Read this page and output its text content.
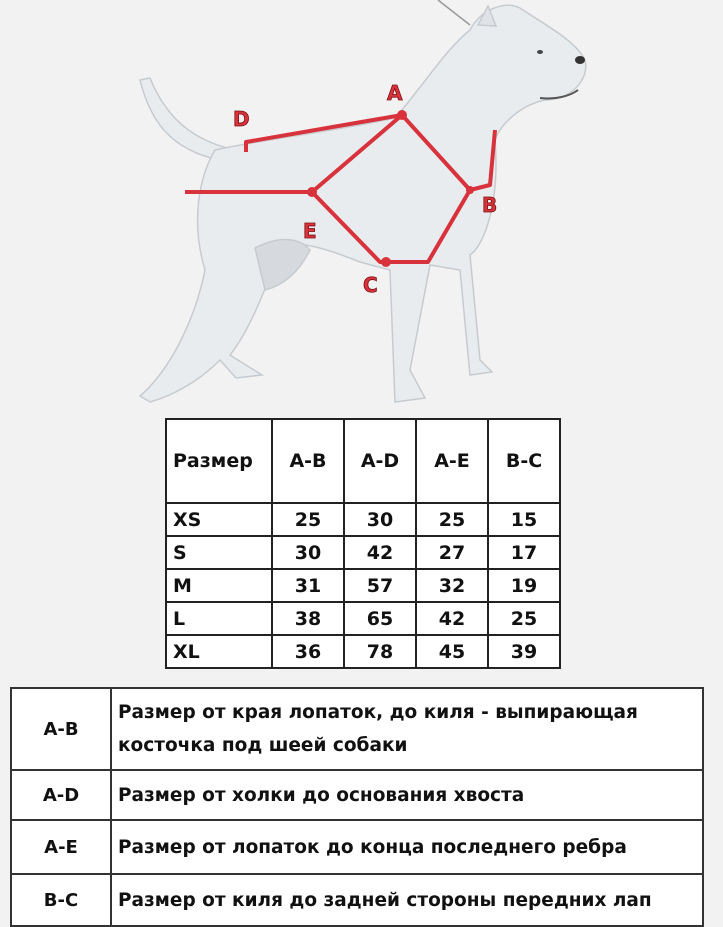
A
B
C
D
E
Размер	A-B	A-D	A-E	B-C
XS	25	30	25	15
S	30	42	27	17
M	31	57	32	19
L	38	65	42	25
XL	36	78	45	39
A-B	Размер от края лопаток, до киля - выпирающая косточка под шеей собаки
A-D	Размер от холки до основания хвоста
A-E	Размер от лопаток до конца последнего ребра
B-C	Размер от киля до задней стороны передних лап
